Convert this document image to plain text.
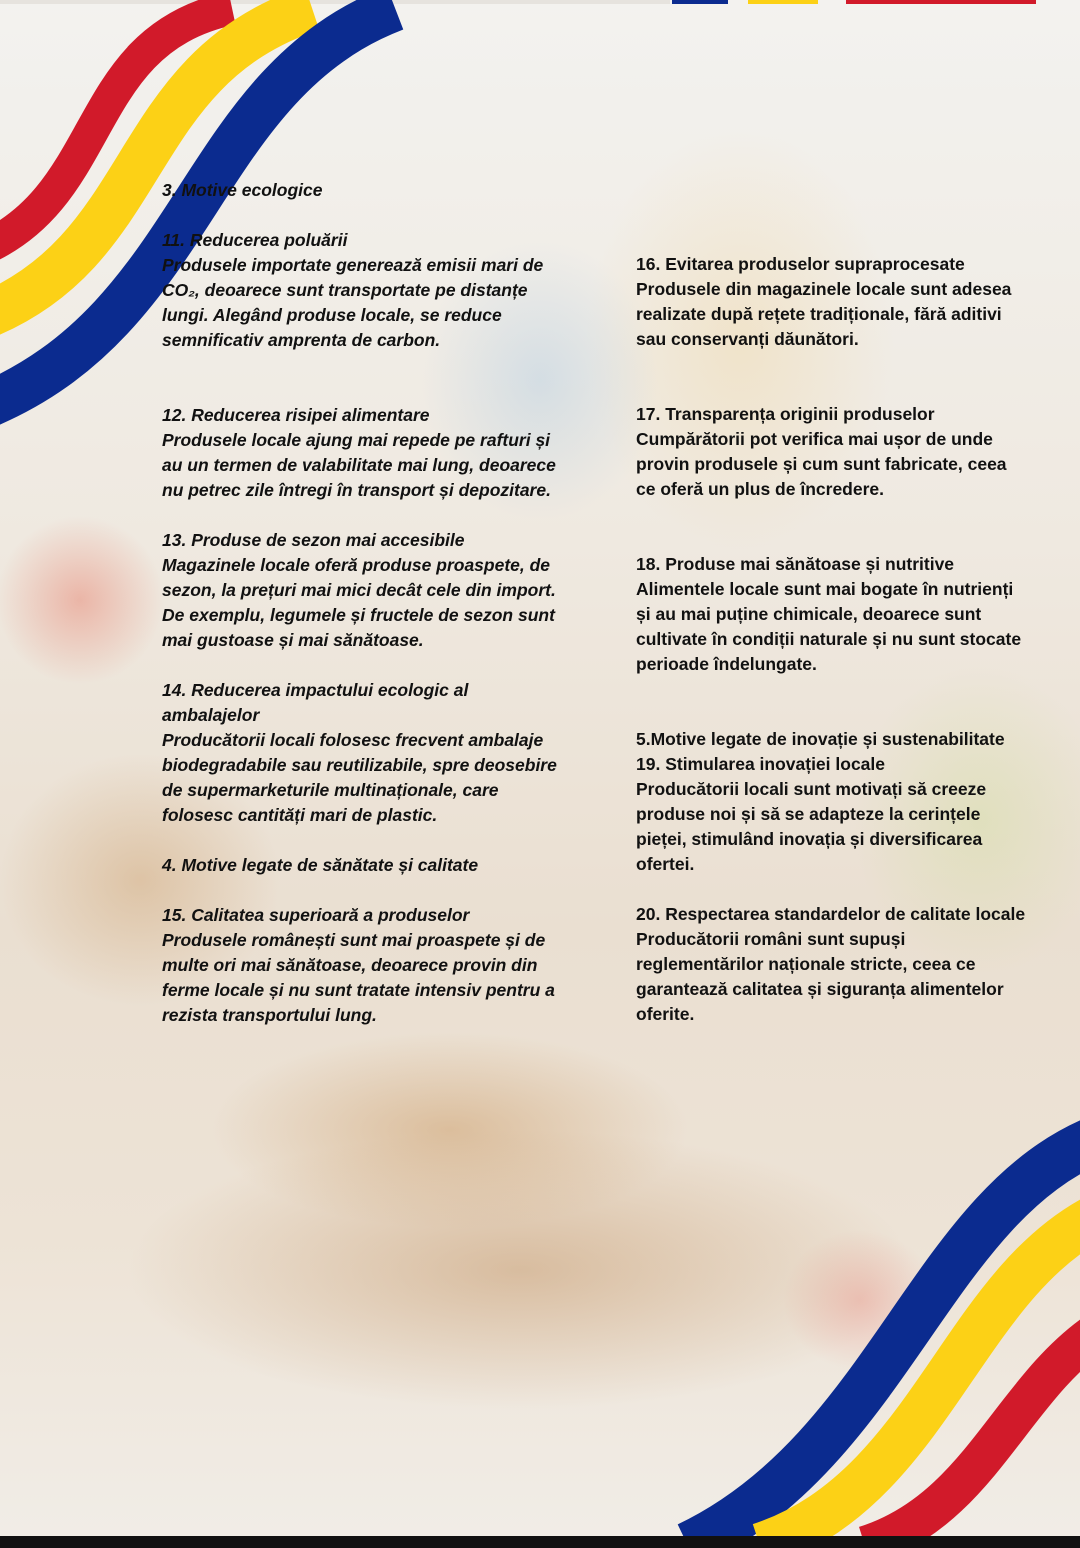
3. Motive ecologice

11. Reducerea poluării

Produsele importate generează emisii mari de CO₂, deoarece sunt transportate pe distanțe lungi. Alegând produse locale, se reduce semnificativ amprenta de carbon.

12. Reducerea risipei alimentare

Produsele locale ajung mai repede pe rafturi și au un termen de valabilitate mai lung, deoarece nu petrec zile întregi în transport și depozitare.

13. Produse de sezon mai accesibile

Magazinele locale oferă produse proaspete, de sezon, la prețuri mai mici decât cele din import. De exemplu, legumele și fructele de sezon sunt mai gustoase și mai sănătoase.

14. Reducerea impactului ecologic al ambalajelor

Producătorii locali folosesc frecvent ambalaje biodegradabile sau reutilizabile, spre deosebire de supermarketurile multinaționale, care folosesc cantități mari de plastic.

4. Motive legate de sănătate și calitate

15. Calitatea superioară a produselor

Produsele românești sunt mai proaspete și de multe ori mai sănătoase, deoarece provin din ferme locale și nu sunt tratate intensiv pentru a rezista transportului lung.

16. Evitarea produselor supraprocesate

Produsele din magazinele locale sunt adesea realizate după rețete tradiționale, fără aditivi sau conservanți dăunători.

17. Transparența originii produselor

Cumpărătorii pot verifica mai ușor de unde provin produsele și cum sunt fabricate, ceea ce oferă un plus de încredere.

18. Produse mai sănătoase și nutritive

Alimentele locale sunt mai bogate în nutrienți și au mai puține chimicale, deoarece sunt cultivate în condiții naturale și nu sunt stocate perioade îndelungate.

5.Motive legate de inovație și sustenabilitate

19. Stimularea inovației locale

Producătorii locali sunt motivați să creeze produse noi și să se adapteze la cerințele pieței, stimulând inovația și diversificarea ofertei.

20. Respectarea standardelor de calitate locale

Producătorii români sunt supuși reglementărilor naționale stricte, ceea ce garantează calitatea și siguranța alimentelor oferite.
